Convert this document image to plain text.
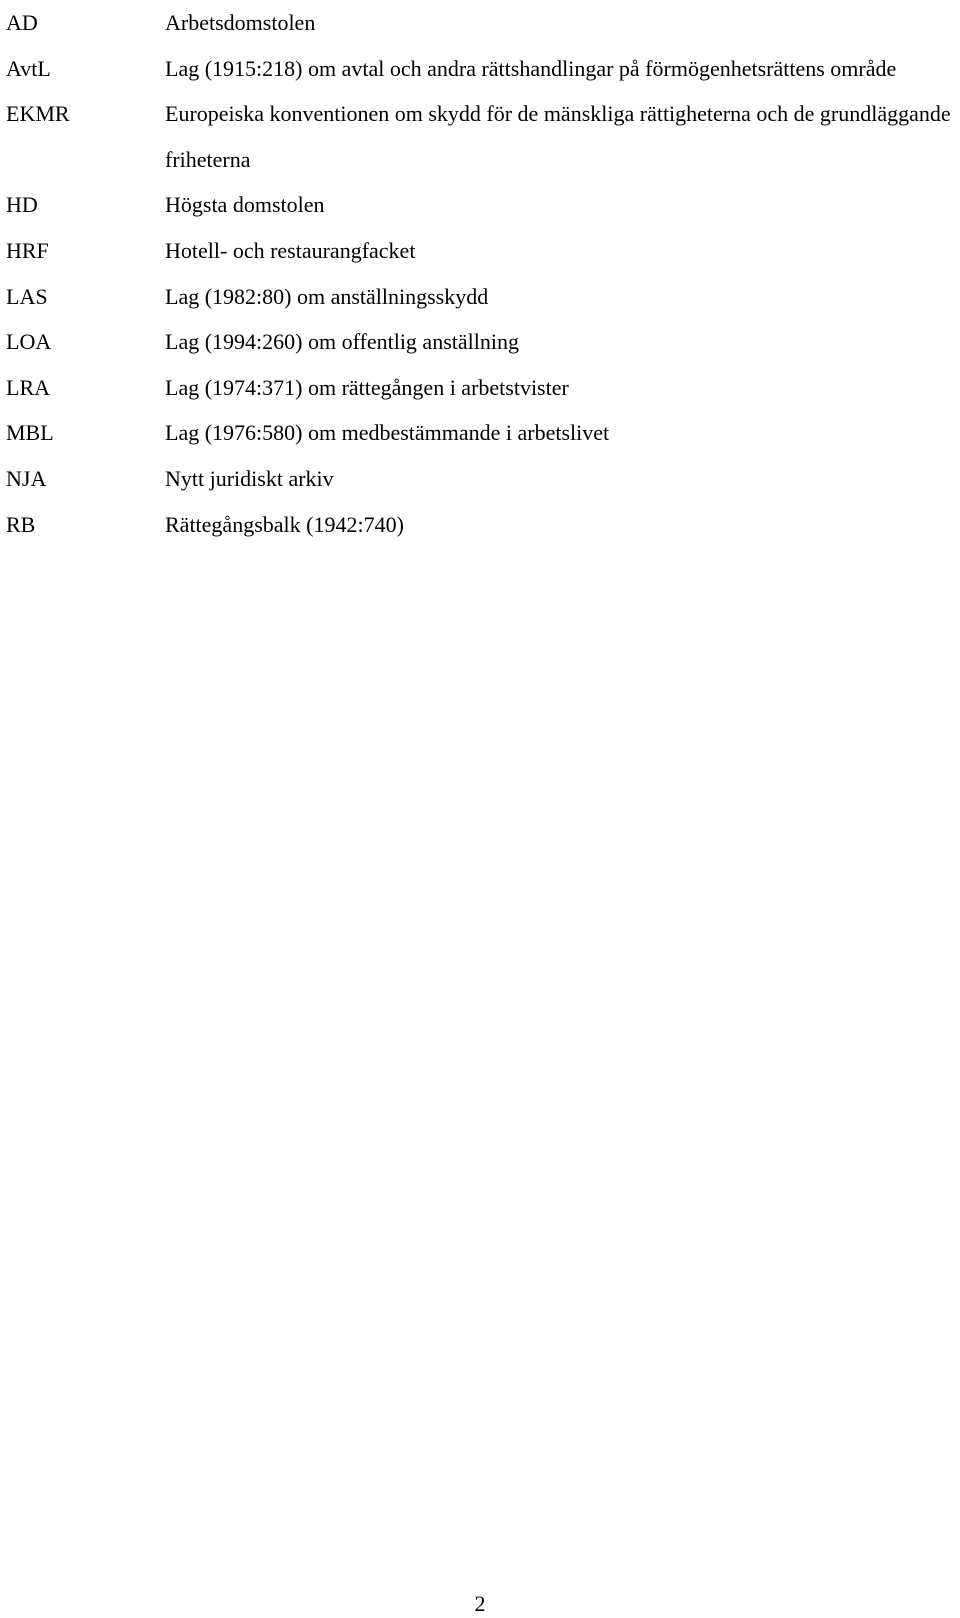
AD	Arbetsdomstolen
AvtL	Lag (1915:218) om avtal och andra rättshandlingar på förmögenhetsrättens område
EKMR	Europeiska konventionen om skydd för de mänskliga rättigheterna och de grundläggande friheterna
HD	Högsta domstolen
HRF	Hotell- och restaurangfacket
LAS	Lag (1982:80) om anställningsskydd
LOA	Lag (1994:260) om offentlig anställning
LRA	Lag (1974:371) om rättegången i arbetstvister
MBL	Lag (1976:580) om medbestämmande i arbetslivet
NJA	Nytt juridiskt arkiv
RB	Rättegångsbalk (1942:740)
2
